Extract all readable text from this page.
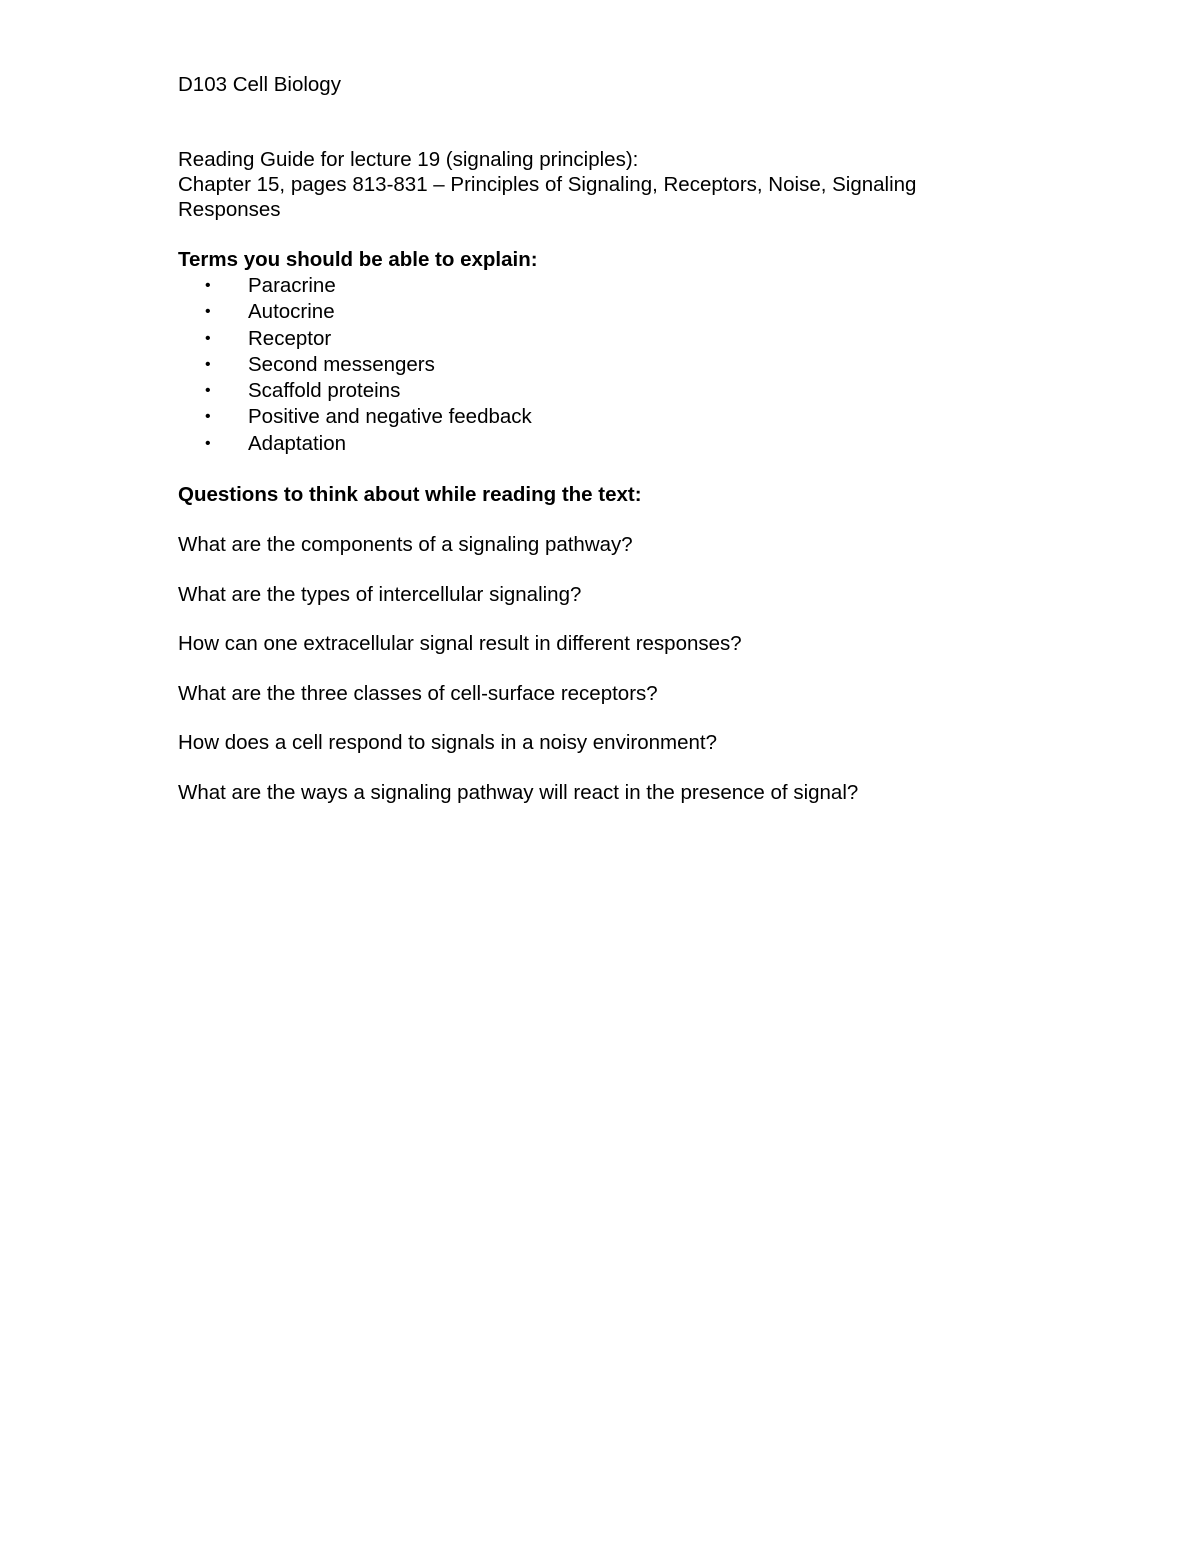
D103 Cell Biology

Reading Guide for lecture 19 (signaling principles):

Chapter 15, pages 813-831 – Principles of Signaling, Receptors, Noise, Signaling Responses

Terms you should be able to explain:

• Paracrine
• Autocrine
• Receptor
• Second messengers
• Scaffold proteins
• Positive and negative feedback
• Adaptation

Questions to think about while reading the text:

What are the components of a signaling pathway?

What are the types of intercellular signaling?

How can one extracellular signal result in different responses?

What are the three classes of cell-surface receptors?

How does a cell respond to signals in a noisy environment?

What are the ways a signaling pathway will react in the presence of signal?
